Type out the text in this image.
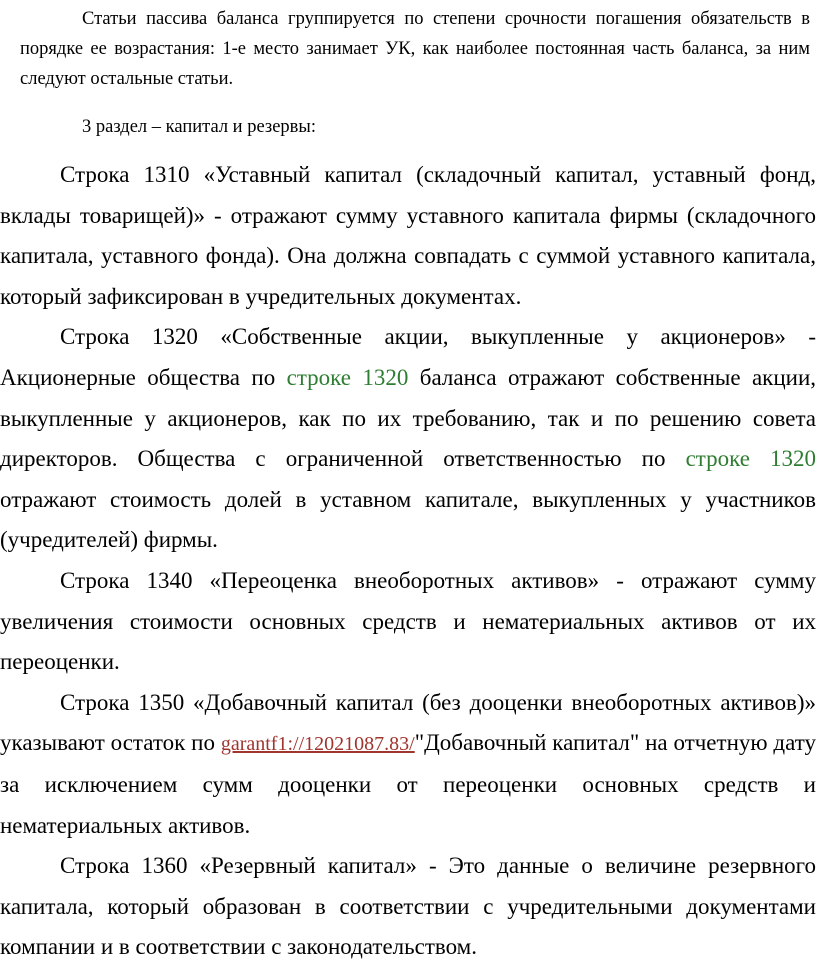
Статьи пассива баланса группируется по степени срочности погашения обязательств в порядке ее возрастания: 1-е место занимает УК, как наиболее постоянная часть баланса, за ним следуют остальные статьи.

3 раздел – капитал и резервы:

Строка 1310 «Уставный капитал (складочный капитал, уставный фонд, вклады товарищей)» - отражают сумму уставного капитала фирмы (складочного капитала, уставного фонда). Она должна совпадать с суммой уставного капитала, который зафиксирован в учредительных документах.

Строка 1320 «Собственные акции, выкупленные у акционеров» - Акционерные общества по строке 1320 баланса отражают собственные акции, выкупленные у акционеров, как по их требованию, так и по решению совета директоров. Общества с ограниченной ответственностью по строке 1320 отражают стоимость долей в уставном капитале, выкупленных у участников (учредителей) фирмы.

Строка 1340 «Переоценка внеоборотных активов» - отражают сумму увеличения стоимости основных средств и нематериальных активов от их переоценки.

Строка 1350 «Добавочный капитал (без дооценки внеоборотных активов)» указывают остаток по garantf1://12021087.83/"Добавочный капитал" на отчетную дату за исключением сумм дооценки от переоценки основных средств и нематериальных активов.

Строка 1360 «Резервный капитал» - Это данные о величине резервного капитала, который образован в соответствии с учредительными документами компании и в соответствии с законодательством.
